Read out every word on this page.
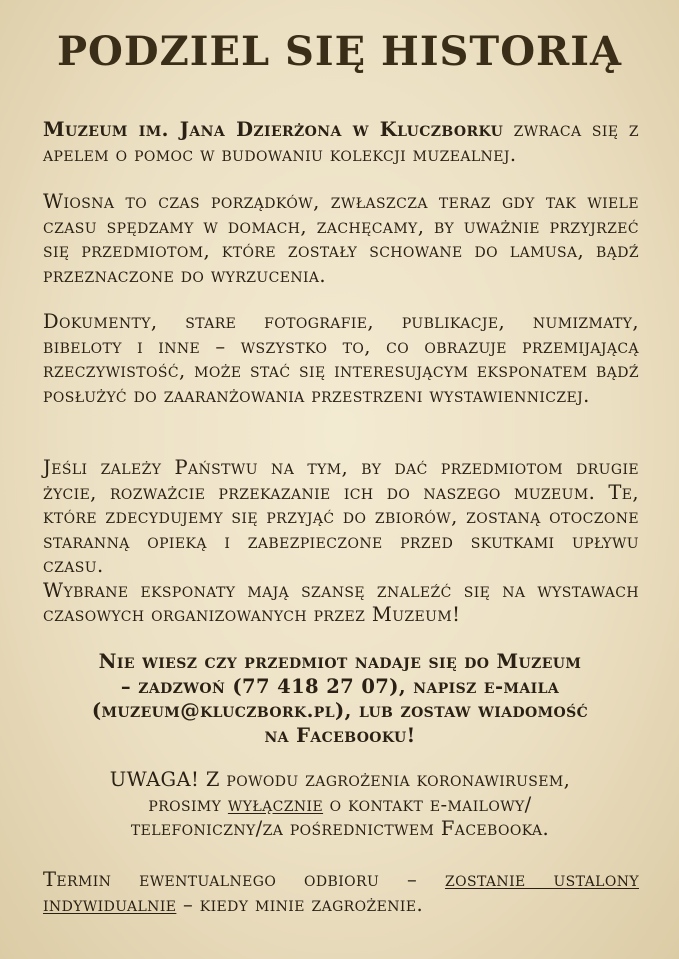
PODZIEL SIĘ HISTORIĄ

Muzeum im. Jana Dzierżona w Kluczborku zwraca się z apelem o pomoc w budowaniu kolekcji muzealnej.

Wiosna to czas porządków, zwłaszcza teraz gdy tak wiele czasu spędzamy w domach, zachęcamy, by uważnie przyjrzeć się przedmiotom, które zostały schowane do lamusa, bądź przeznaczone do wyrzucenia.

Dokumenty, stare fotografie, publikacje, numizmaty, bibeloty i inne – wszystko to, co obrazuje przemijającą rzeczywistość, może stać się interesującym eksponatem bądź posłużyć do zaaranżowania przestrzeni wystawienniczej.

Jeśli zależy Państwu na tym, by dać przedmiotom drugie życie, rozważcie przekazanie ich do naszego muzeum. Te, które zdecydujemy się przyjąć do zbiorów, zostaną otoczone staranną opieką i zabezpieczone przed skutkami upływu czasu.
Wybrane eksponaty mają szansę znaleźć się na wystawach czasowych organizowanych przez Muzeum!

Nie wiesz czy przedmiot nadaje się do Muzeum
– zadzwoń (77 418 27 07), napisz e-maila
(muzeum@kluczbork.pl), lub zostaw wiadomość
na Facebooku!
UWAGA! Z powodu zagrożenia koronawirusem,
prosimy wyłącznie o kontakt e-mailowy/
telefoniczny/za pośrednictwem Facebooka.

Termin ewentualnego odbioru – zostanie ustalony indywidualnie – kiedy minie zagrożenie.
